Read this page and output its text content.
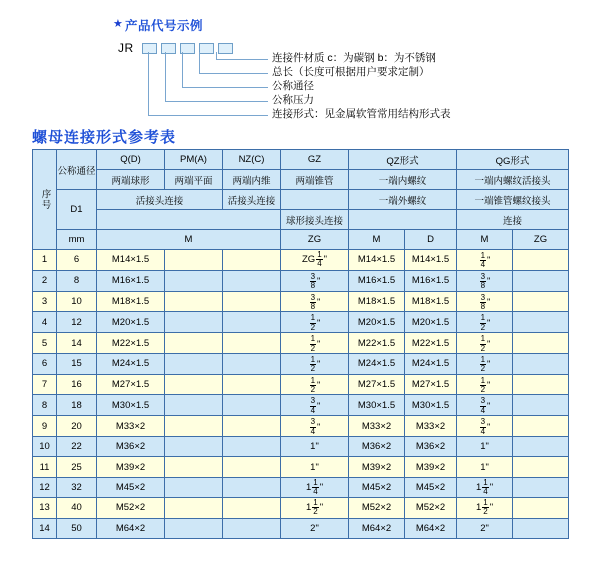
★ 产品代号示例
JR
连接件材质 c：为碳钢 b：为不锈钢
总长（长度可根据用户要求定制）
公称通径
公称压力
连接形式：见金属软管常用结构形式表
螺母连接形式参考表
序号	公称通径	Q(D)	PM(A)	NZ(C)	GZ	QZ形式		QG形式	
		两端球形	两端平面	两端内维	两端锥管	一端内螺纹		一端内螺纹活接头	
	D1	活接头连接		活接头连接		一端外螺纹		一端锥管螺纹接头	
					球形接头连接			连接	
	mm	M			ZG	M	D	M	ZG
1	6	M14×1.5			ZG $\frac{1}{4}$ "	M14×1.5	M14×1.5	$\frac{1}{4}$ "	
2	8	M16×1.5			$\frac{3}{8}$ "	M16×1.5	M16×1.5	$\frac{3}{8}$ "	
3	10	M18×1.5			$\frac{3}{8}$ "	M18×1.5	M18×1.5	$\frac{3}{8}$ "	
4	12	M20×1.5			$\frac{1}{2}$ "	M20×1.5	M20×1.5	$\frac{1}{2}$ "	
5	14	M22×1.5			$\frac{1}{2}$ "	M22×1.5	M22×1.5	$\frac{1}{2}$ "	
6	15	M24×1.5			$\frac{1}{2}$ "	M24×1.5	M24×1.5	$\frac{1}{2}$ "	
7	16	M27×1.5			$\frac{1}{2}$ "	M27×1.5	M27×1.5	$\frac{1}{2}$ "	
8	18	M30×1.5			$\frac{3}{4}$ "	M30×1.5	M30×1.5	$\frac{3}{4}$ "	
9	20	M33×2			$\frac{3}{4}$ "	M33×2	M33×2	$\frac{3}{4}$ "	
10	22	M36×2			1"	M36×2	M36×2	1"	
11	25	M39×2			1"	M39×2	M39×2	1"	
12	32	M45×2			$1 \frac{1}{4}$ "	M45×2	M45×2	$1 \frac{1}{4}$ "	
13	40	M52×2			$1 \frac{1}{2}$ "	M52×2	M52×2	$1 \frac{1}{2}$ "	
14	50	M64×2			2"	M64×2	M64×2	2"	
